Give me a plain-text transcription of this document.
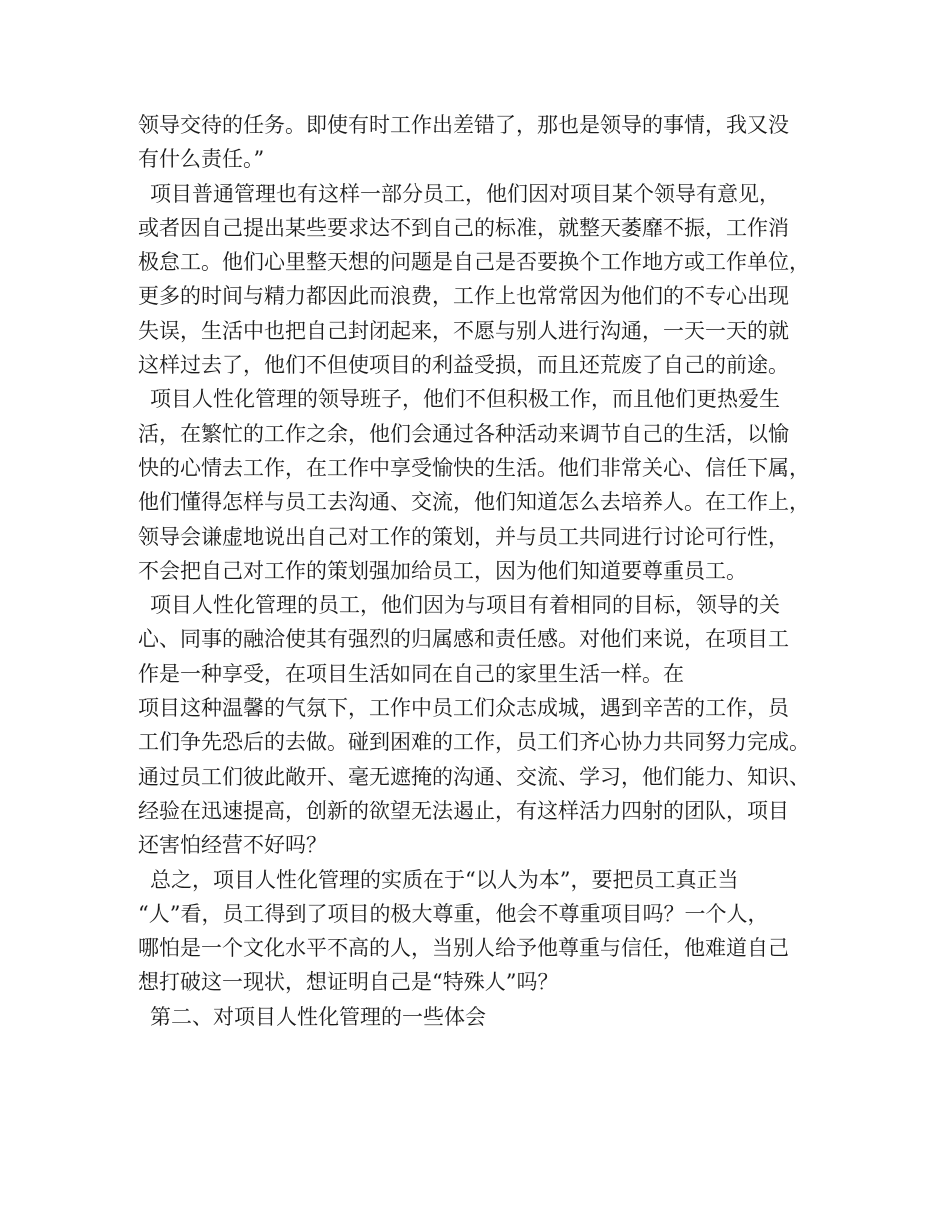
领导交待的任务。即使有时工作出差错了，那也是领导的事情，我又没
有什么责任。”
项目普通管理也有这样一部分员工，他们因对项目某个领导有意见，
或者因自己提出某些要求达不到自己的标准，就整天萎靡不振，工作消
极怠工。他们心里整天想的问题是自己是否要换个工作地方或工作单位，
更多的时间与精力都因此而浪费，工作上也常常因为他们的不专心出现
失误，生活中也把自己封闭起来，不愿与别人进行沟通，一天一天的就
这样过去了，他们不但使项目的利益受损，而且还荒废了自己的前途。
项目人性化管理的领导班子，他们不但积极工作，而且他们更热爱生
活，在繁忙的工作之余，他们会通过各种活动来调节自己的生活，以愉
快的心情去工作，在工作中享受愉快的生活。他们非常关心、信任下属，
他们懂得怎样与员工去沟通、交流，他们知道怎么去培养人。在工作上，
领导会谦虚地说出自己对工作的策划，并与员工共同进行讨论可行性，
不会把自己对工作的策划强加给员工，因为他们知道要尊重员工。
项目人性化管理的员工，他们因为与项目有着相同的目标，领导的关
心、同事的融洽使其有强烈的归属感和责任感。对他们来说，在项目工
作是一种享受，在项目生活如同在自己的家里生活一样。在
项目这种温馨的气氛下，工作中员工们众志成城，遇到辛苦的工作，员
工们争先恐后的去做。碰到困难的工作，员工们齐心协力共同努力完成。
通过员工们彼此敞开、毫无遮掩的沟通、交流、学习，他们能力、知识、
经验在迅速提高，创新的欲望无法遏止，有这样活力四射的团队，项目
还害怕经营不好吗？
总之，项目人性化管理的实质在于“以人为本”，要把员工真正当
“人”看，员工得到了项目的极大尊重，他会不尊重项目吗？一个人，
哪怕是一个文化水平不高的人，当别人给予他尊重与信任，他难道自己
想打破这一现状，想证明自己是“特殊人”吗？
第二、对项目人性化管理的一些体会
